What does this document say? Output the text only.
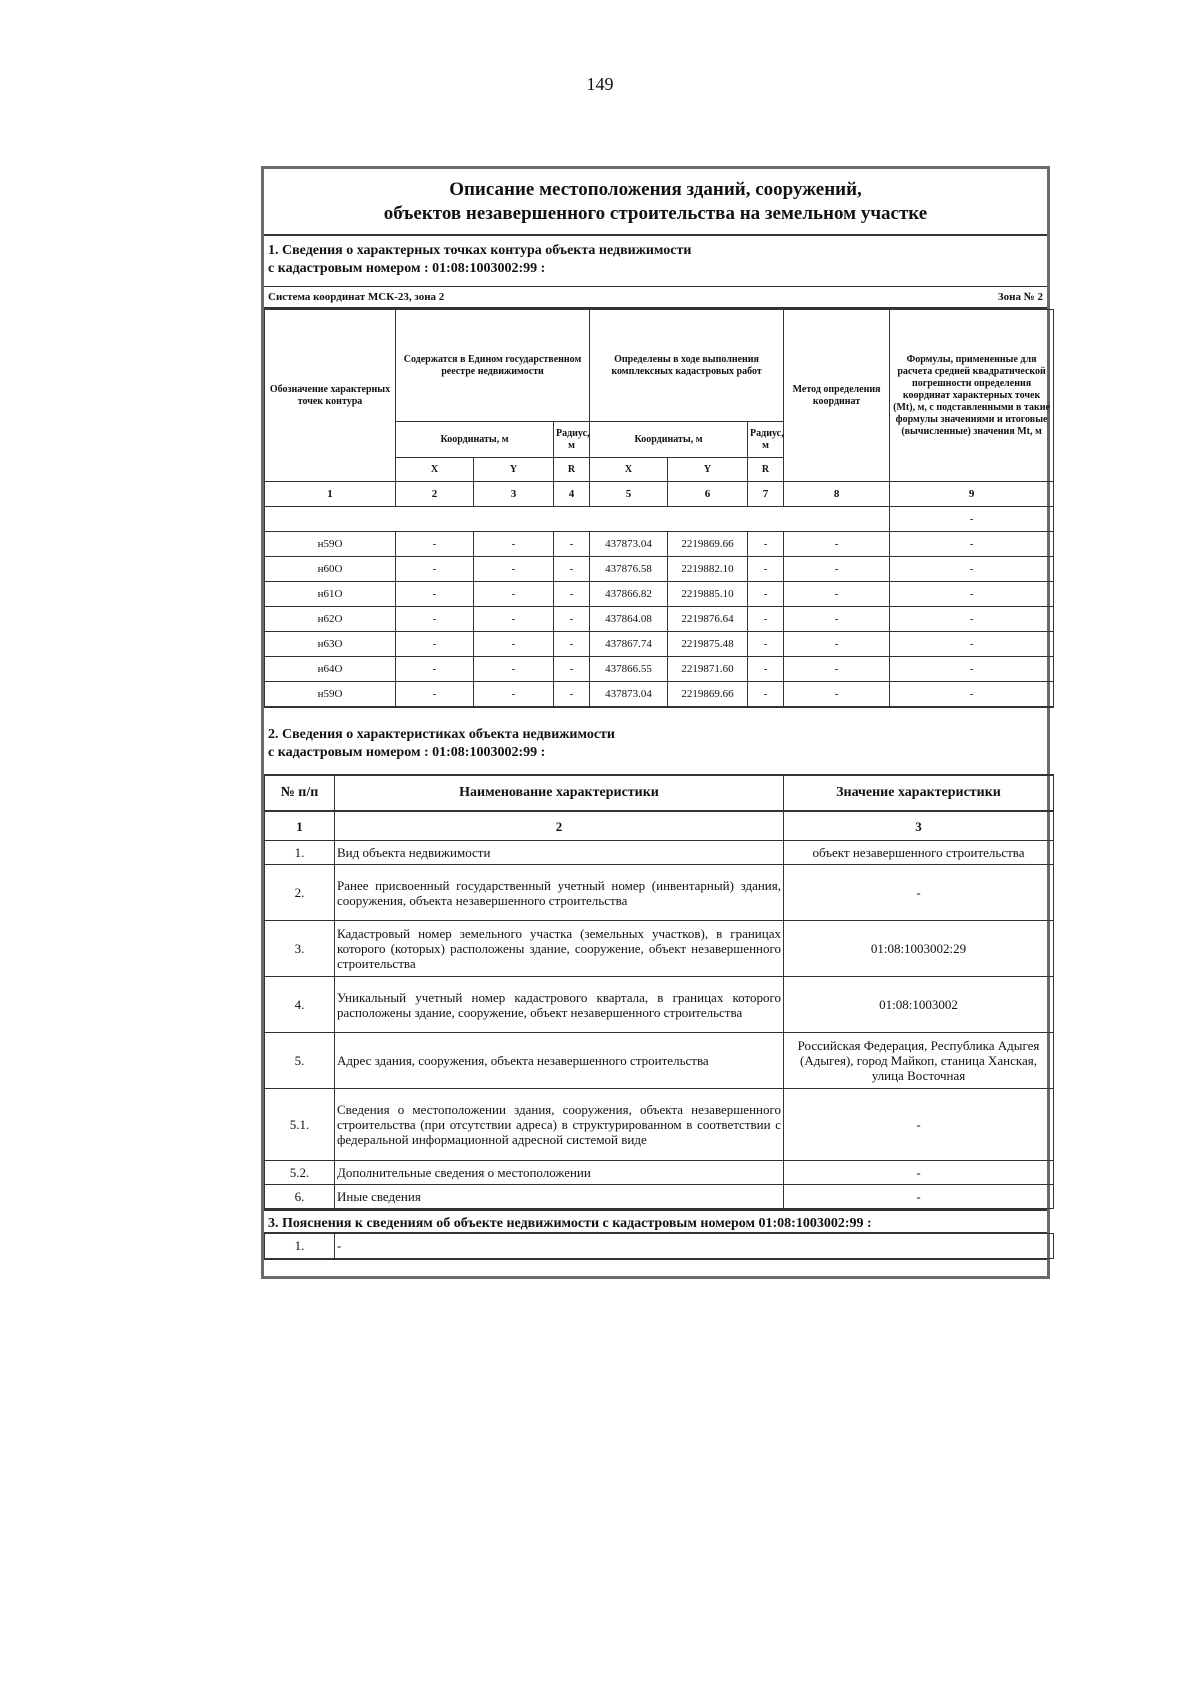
149
Описание местоположения зданий, сооружений,
объектов незавершенного строительства на земельном участке
1. Сведения о характерных точках контура объекта недвижимости
с кадастровым номером : 01:08:1003002:99 :
Система координат МСК-23, зона 2	Зона № 2
Обозначение характерных точек контура	Содержатся в Едином государственном реестре недвижимости			Определены в ходе выполнения комплексных кадастровых работ			Метод определения координат	Формулы, примененные для расчета средней квадратической погрешности определения координат характерных точек (Mt), м, с подставленными в такие формулы значениями и итоговые (вычисленные) значения Mt, м
	Координаты, м		Радиус, м	Координаты, м		Радиус, м		
	X	Y	R	X	Y	R		
1	2	3	4	5	6	7	8	9
								-
н59О	-	-	-	437873.04	2219869.66	-	-	-
н60О	-	-	-	437876.58	2219882.10	-	-	-
н61О	-	-	-	437866.82	2219885.10	-	-	-
н62О	-	-	-	437864.08	2219876.64	-	-	-
н63О	-	-	-	437867.74	2219875.48	-	-	-
н64О	-	-	-	437866.55	2219871.60	-	-	-
н59О	-	-	-	437873.04	2219869.66	-	-	-
2. Сведения о характеристиках объекта недвижимости
с кадастровым номером : 01:08:1003002:99 :
№ п/п	Наименование характеристики	Значение характеристики
1	2	3
1.	Вид объекта недвижимости	объект незавершенного строительства
2.	Ранее присвоенный государственный учетный номер (инвентарный) здания, сооружения, объекта незавершенного строительства	-
3.	Кадастровый номер земельного участка (земельных участков), в границах которого (которых) расположены здание, сооружение, объект незавершенного строительства	01:08:1003002:29
4.	Уникальный учетный номер кадастрового квартала, в границах которого расположены здание, сооружение, объект незавершенного строительства	01:08:1003002
5.	Адрес здания, сооружения, объекта незавершенного строительства	Российская Федерация, Республика Адыгея (Адыгея), город Майкоп, станица Ханская, улица Восточная
5.1.	Сведения о местоположении здания, сооружения, объекта незавершенного строительства (при отсутствии адреса) в структурированном в соответствии с федеральной информационной адресной системой виде	-
5.2.	Дополнительные сведения о местоположении	-
6.	Иные сведения	-
3. Пояснения к сведениям об объекте недвижимости с кадастровым номером 01:08:1003002:99 :
1.	-
